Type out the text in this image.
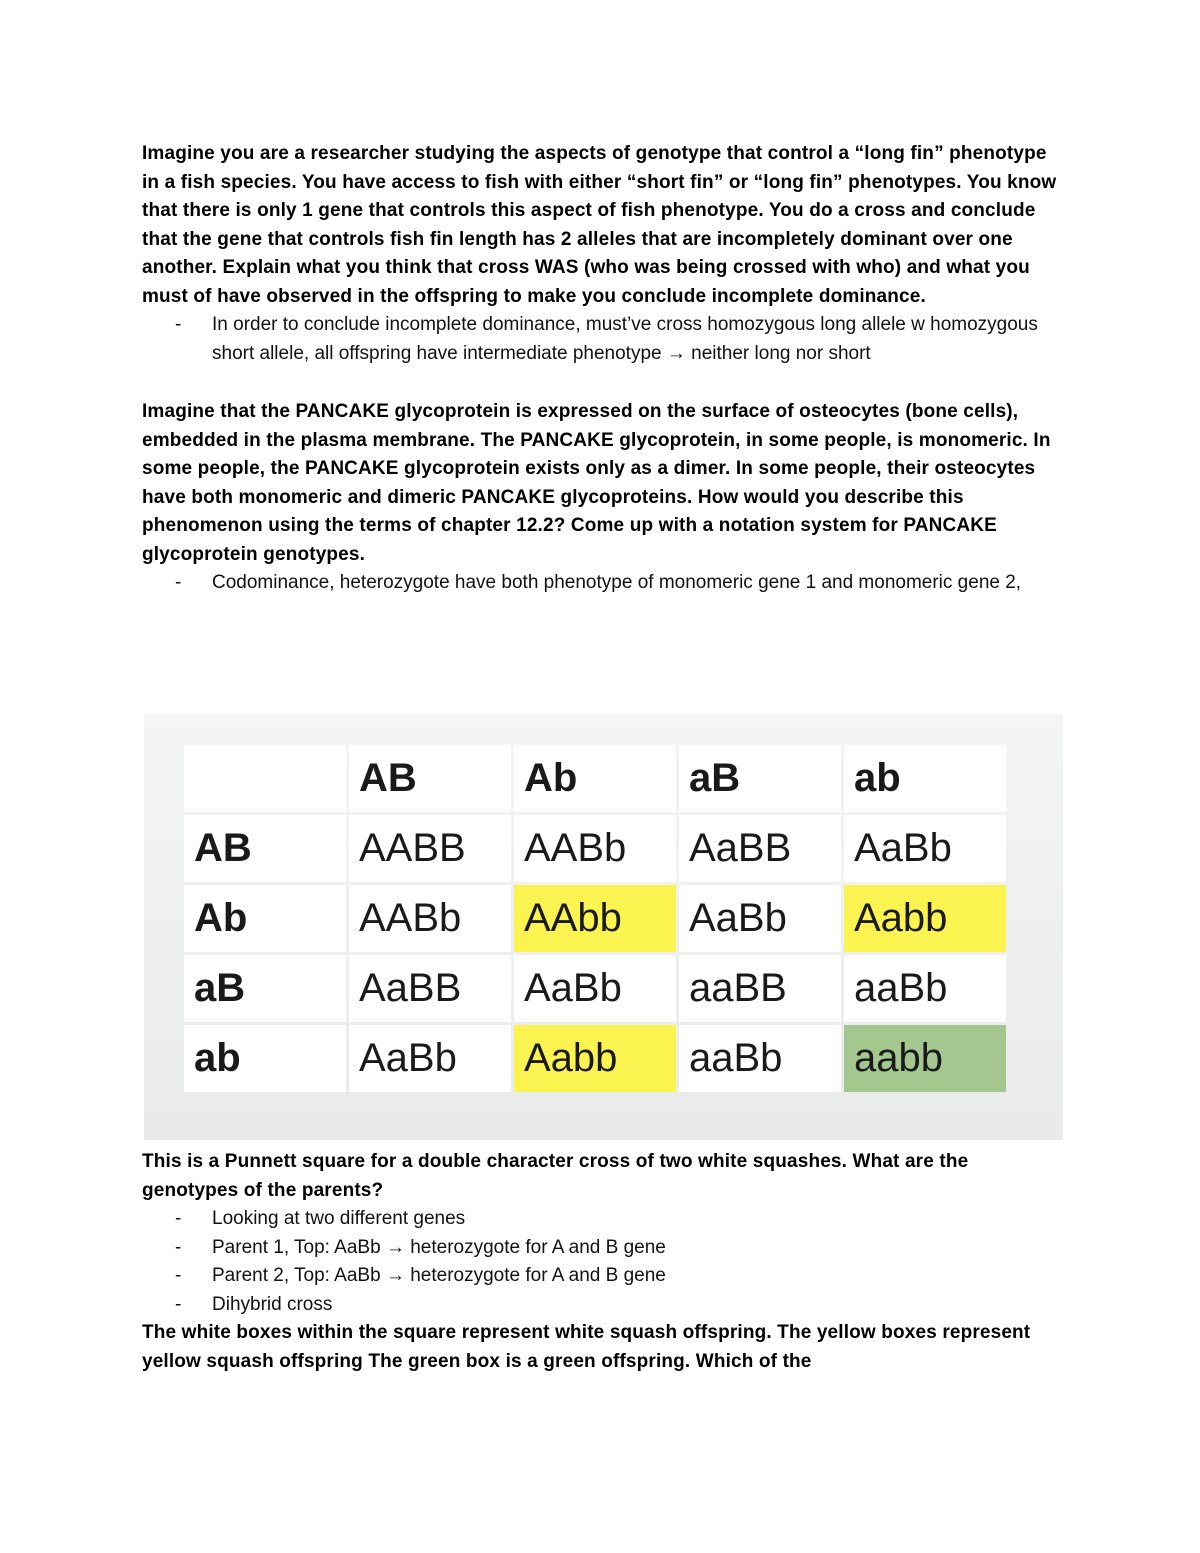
Imagine you are a researcher studying the aspects of genotype that control a “long fin” phenotype in a fish species. You have access to fish with either “short fin” or “long fin” phenotypes. You know that there is only 1 gene that controls this aspect of fish phenotype. You do a cross and conclude that the gene that controls fish fin length has 2 alleles that are incompletely dominant over one another. Explain what you think that cross WAS (who was being crossed with who) and what you must of have observed in the offspring to make you conclude incomplete dominance.

- In order to conclude incomplete dominance, must’ve cross homozygous long allele w homozygous short allele, all offspring have intermediate phenotype → neither long nor short

Imagine that the PANCAKE glycoprotein is expressed on the surface of osteocytes (bone cells), embedded in the plasma membrane. The PANCAKE glycoprotein, in some people, is monomeric. In some people, the PANCAKE glycoprotein exists only as a dimer. In some people, their osteocytes have both monomeric and dimeric PANCAKE glycoproteins. How would you describe this phenomenon using the terms of chapter 12.2? Come up with a notation system for PANCAKE glycoprotein genotypes.

- Codominance, heterozygote have both phenotype of monomeric gene 1 and monomeric gene 2,
	AB	Ab	aB	ab
AB	AABB	AABb	AaBB	AaBb
Ab	AABb	AAbb	AaBb	Aabb
aB	AaBB	AaBb	aaBB	aaBb
ab	AaBb	Aabb	aaBb	aabb

This is a Punnett square for a double character cross of two white squashes. What are the genotypes of the parents?

- Looking at two different genes
- Parent 1, Top: AaBb → heterozygote for A and B gene
- Parent 2, Top: AaBb → heterozygote for A and B gene
- Dihybrid cross

The white boxes within the square represent white squash offspring. The yellow boxes represent yellow squash offspring The green box is a green offspring. Which of the
